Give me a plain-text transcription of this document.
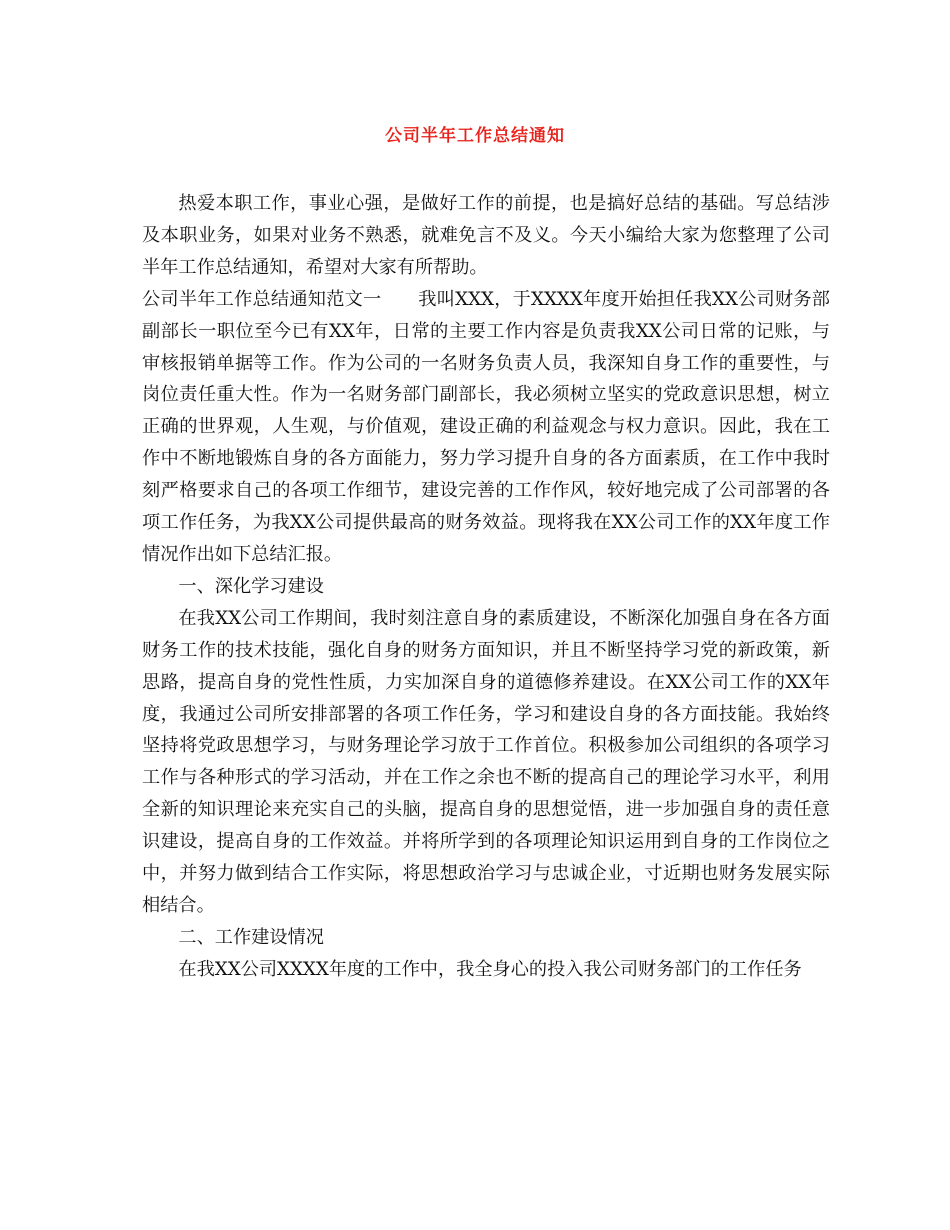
公司半年工作总结通知

热爱本职工作，事业心强，是做好工作的前提，也是搞好总结的基础。写总结涉及本职业务，如果对业务不熟悉，就难免言不及义。今天小编给大家为您整理了公司半年工作总结通知，希望对大家有所帮助。

公司半年工作总结通知范文一　　我叫XXX，于XXXX年度开始担任我XX公司财务部副部长一职位至今已有XX年，日常的主要工作内容是负责我XX公司日常的记账，与审核报销单据等工作。作为公司的一名财务负责人员，我深知自身工作的重要性，与岗位责任重大性。作为一名财务部门副部长，我必须树立坚实的党政意识思想，树立正确的世界观，人生观，与价值观，建设正确的利益观念与权力意识。因此，我在工作中不断地锻炼自身的各方面能力，努力学习提升自身的各方面素质，在工作中我时刻严格要求自己的各项工作细节，建设完善的工作作风，较好地完成了公司部署的各项工作任务，为我XX公司提供最高的财务效益。现将我在XX公司工作的XX年度工作情况作出如下总结汇报。

一、深化学习建设

在我XX公司工作期间，我时刻注意自身的素质建设，不断深化加强自身在各方面财务工作的技术技能，强化自身的财务方面知识，并且不断坚持学习党的新政策，新思路，提高自身的党性性质，力实加深自身的道德修养建设。在XX公司工作的XX年度，我通过公司所安排部署的各项工作任务，学习和建设自身的各方面技能。我始终坚持将党政思想学习，与财务理论学习放于工作首位。积极参加公司组织的各项学习工作与各种形式的学习活动，并在工作之余也不断的提高自己的理论学习水平，利用全新的知识理论来充实自己的头脑，提高自身的思想觉悟，进一步加强自身的责任意识建设，提高自身的工作效益。并将所学到的各项理论知识运用到自身的工作岗位之中，并努力做到结合工作实际，将思想政治学习与忠诚企业，寸近期也财务发展实际相结合。

二、工作建设情况

在我XX公司XXXX年度的工作中，我全身心的投入我公司财务部门的工作任务
